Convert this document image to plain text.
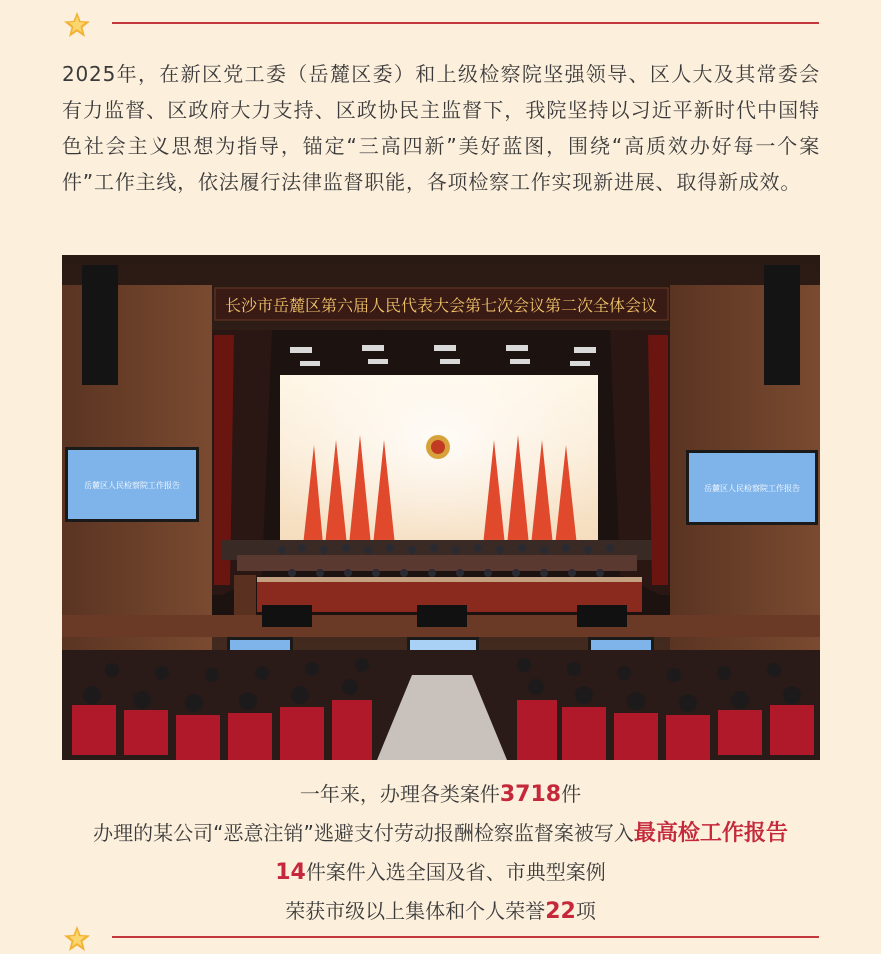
2025年，在新区党工委（岳麓区委）和上级检察院坚强领导、区人大及其常委会有力监督、区政府大力支持、区政协民主监督下，我院坚持以习近平新时代中国特色社会主义思想为指导，锚定“三高四新”美好蓝图，围绕“高质效办好每一个案件”工作主线，依法履行法律监督职能，各项检察工作实现新进展、取得新成效。

长沙市岳麓区第六届人民代表大会第七次会议第二次全体会议
岳麓区人民检察院工作报告	岳麓区人民检察院工作报告
一年来，办理各类案件3718件
办理的某公司“恶意注销”逃避支付劳动报酬检察监督案被写入最高检工作报告
14件案件入选全国及省、市典型案例
荣获市级以上集体和个人荣誉22项
